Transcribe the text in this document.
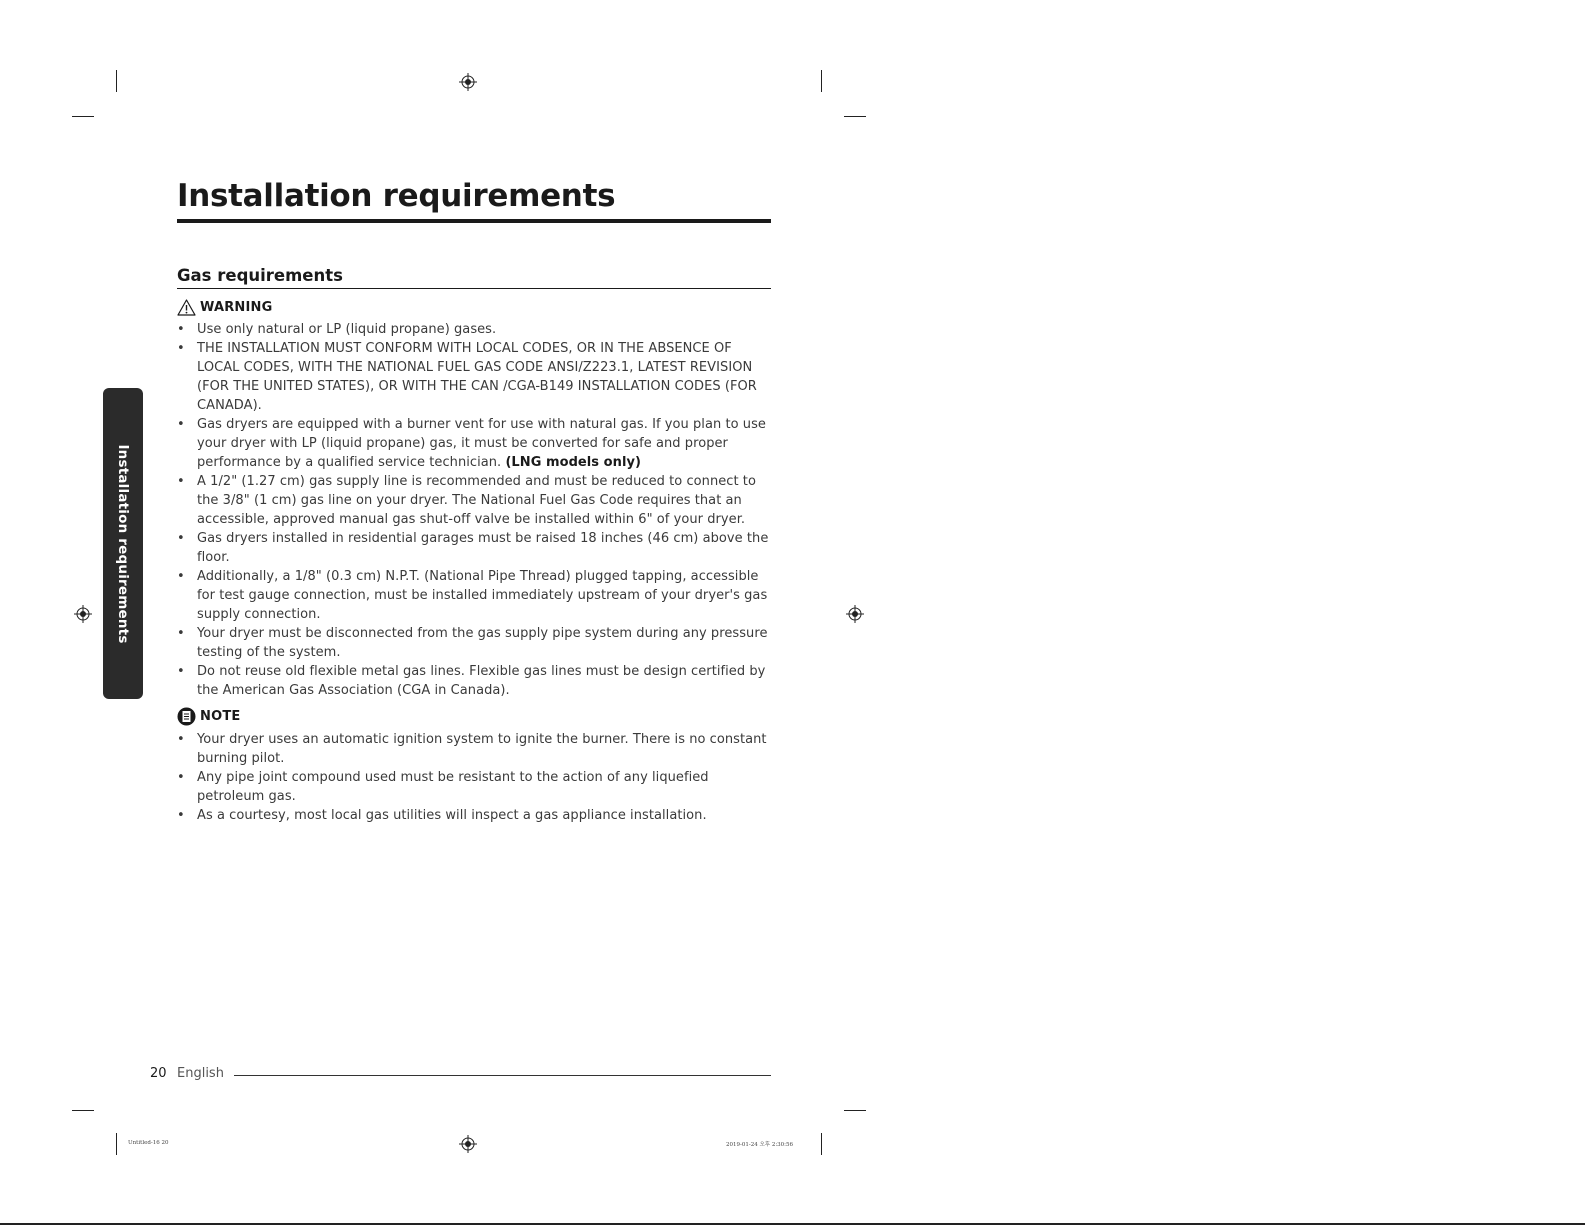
Installation requirements
Gas requirements
WARNING
• Use only natural or LP (liquid propane) gases.
• THE INSTALLATION MUST CONFORM WITH LOCAL CODES, OR IN THE ABSENCE OF LOCAL CODES, WITH THE NATIONAL FUEL GAS CODE ANSI/Z223.1, LATEST REVISION (FOR THE UNITED STATES), OR WITH THE CAN /CGA-B149 INSTALLATION CODES (FOR CANADA).
• Gas dryers are equipped with a burner vent for use with natural gas. If you plan to use your dryer with LP (liquid propane) gas, it must be converted for safe and proper performance by a qualified service technician. (LNG models only)
• A 1/2" (1.27 cm) gas supply line is recommended and must be reduced to connect to the 3/8" (1 cm) gas line on your dryer. The National Fuel Gas Code requires that an accessible, approved manual gas shut-off valve be installed within 6" of your dryer.
• Gas dryers installed in residential garages must be raised 18 inches (46 cm) above the floor.
• Additionally, a 1/8" (0.3 cm) N.P.T. (National Pipe Thread) plugged tapping, accessible for test gauge connection, must be installed immediately upstream of your dryer's gas supply connection.
• Your dryer must be disconnected from the gas supply pipe system during any pressure testing of the system.
• Do not reuse old flexible metal gas lines. Flexible gas lines must be design certified by the American Gas Association (CGA in Canada).
NOTE
• Your dryer uses an automatic ignition system to ignite the burner. There is no constant burning pilot.
• Any pipe joint compound used must be resistant to the action of any liquefied petroleum gas.
• As a courtesy, most local gas utilities will inspect a gas appliance installation.
Installation requirements
20 English
Untitled-16 20	2019-01-24 오후 2:30:56
